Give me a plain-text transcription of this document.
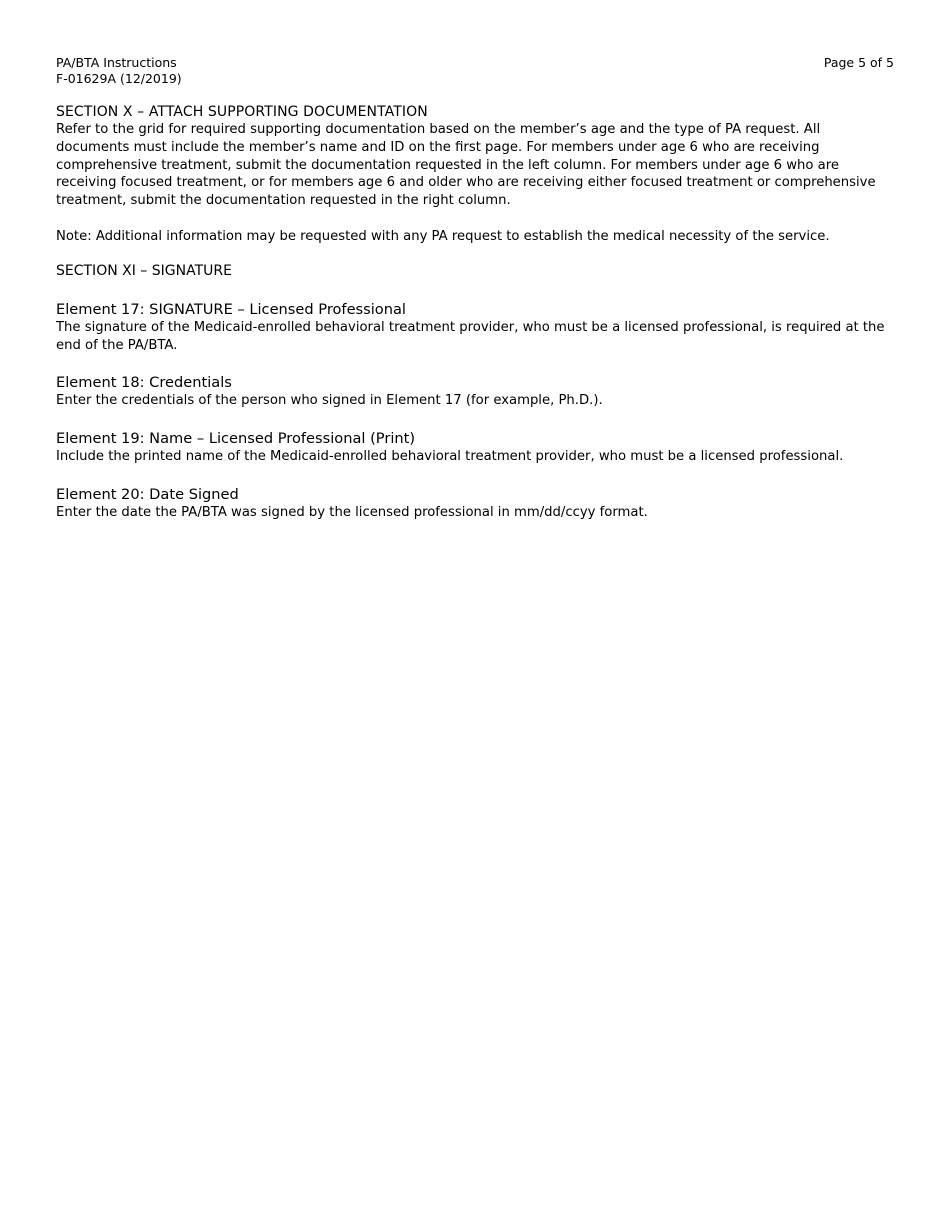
PA/BTA Instructions
F-01629A (12/2019)
Page 5 of 5
SECTION X – ATTACH SUPPORTING DOCUMENTATION

Refer to the grid for required supporting documentation based on the member’s age and the type of PA request. All documents must include the member’s name and ID on the first page. For members under age 6 who are receiving comprehensive treatment, submit the documentation requested in the left column. For members under age 6 who are receiving focused treatment, or for members age 6 and older who are receiving either focused treatment or comprehensive treatment, submit the documentation requested in the right column.

Note: Additional information may be requested with any PA request to establish the medical necessity of the service.

SECTION XI – SIGNATURE
Element 17: SIGNATURE – Licensed Professional

The signature of the Medicaid-enrolled behavioral treatment provider, who must be a licensed professional, is required at the end of the PA/BTA.

Element 18: Credentials

Enter the credentials of the person who signed in Element 17 (for example, Ph.D.).

Element 19: Name – Licensed Professional (Print)

Include the printed name of the Medicaid-enrolled behavioral treatment provider, who must be a licensed professional.

Element 20: Date Signed

Enter the date the PA/BTA was signed by the licensed professional in mm/dd/ccyy format.
